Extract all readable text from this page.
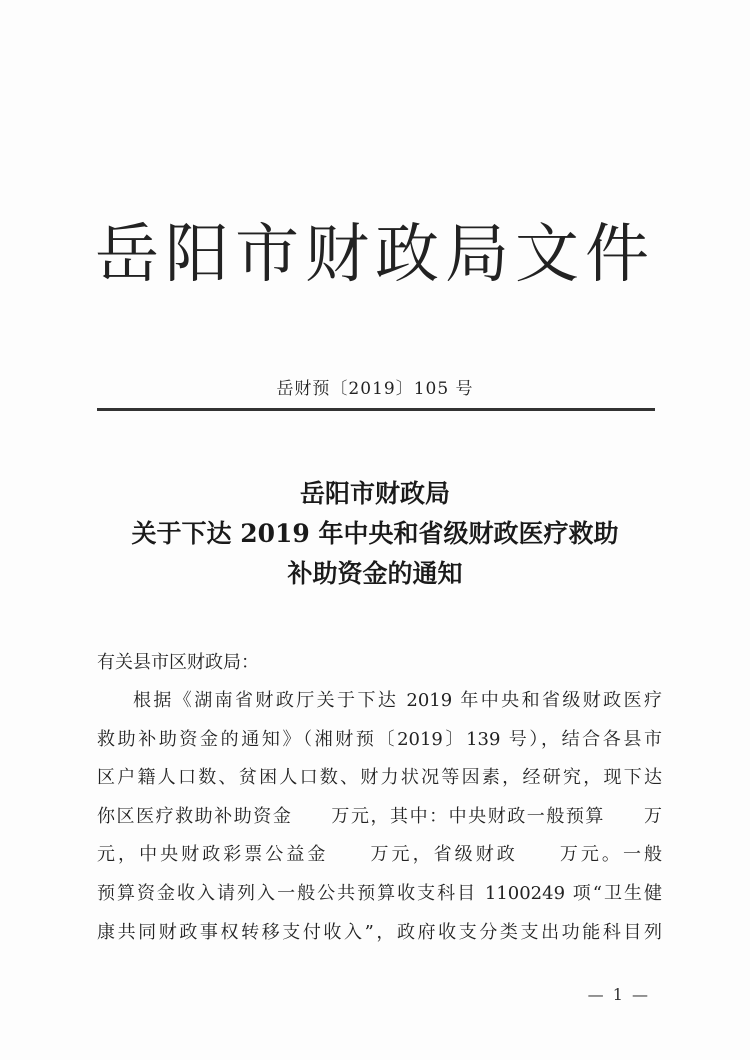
岳阳市财政局文件
岳财预〔2019〕105 号
岳阳市财政局
关于下达 2019 年中央和省级财政医疗救助
补助资金的通知
有关县市区财政局：
根据《湖南省财政厅关于下达 2019 年中央和省级财政医疗
救助补助资金的通知》（湘财预〔2019〕139 号），结合各县市
区户籍人口数、贫困人口数、财力状况等因素，经研究，现下达
你区医疗救助补助资金　　万元，其中：中央财政一般预算　　万
元，中央财政彩票公益金　　万元，省级财政　　万元。一般
预算资金收入请列入一般公共预算收支科目 1100249 项“卫生健
康共同财政事权转移支付收入”，政府收支分类支出功能科目列
— 1 —
